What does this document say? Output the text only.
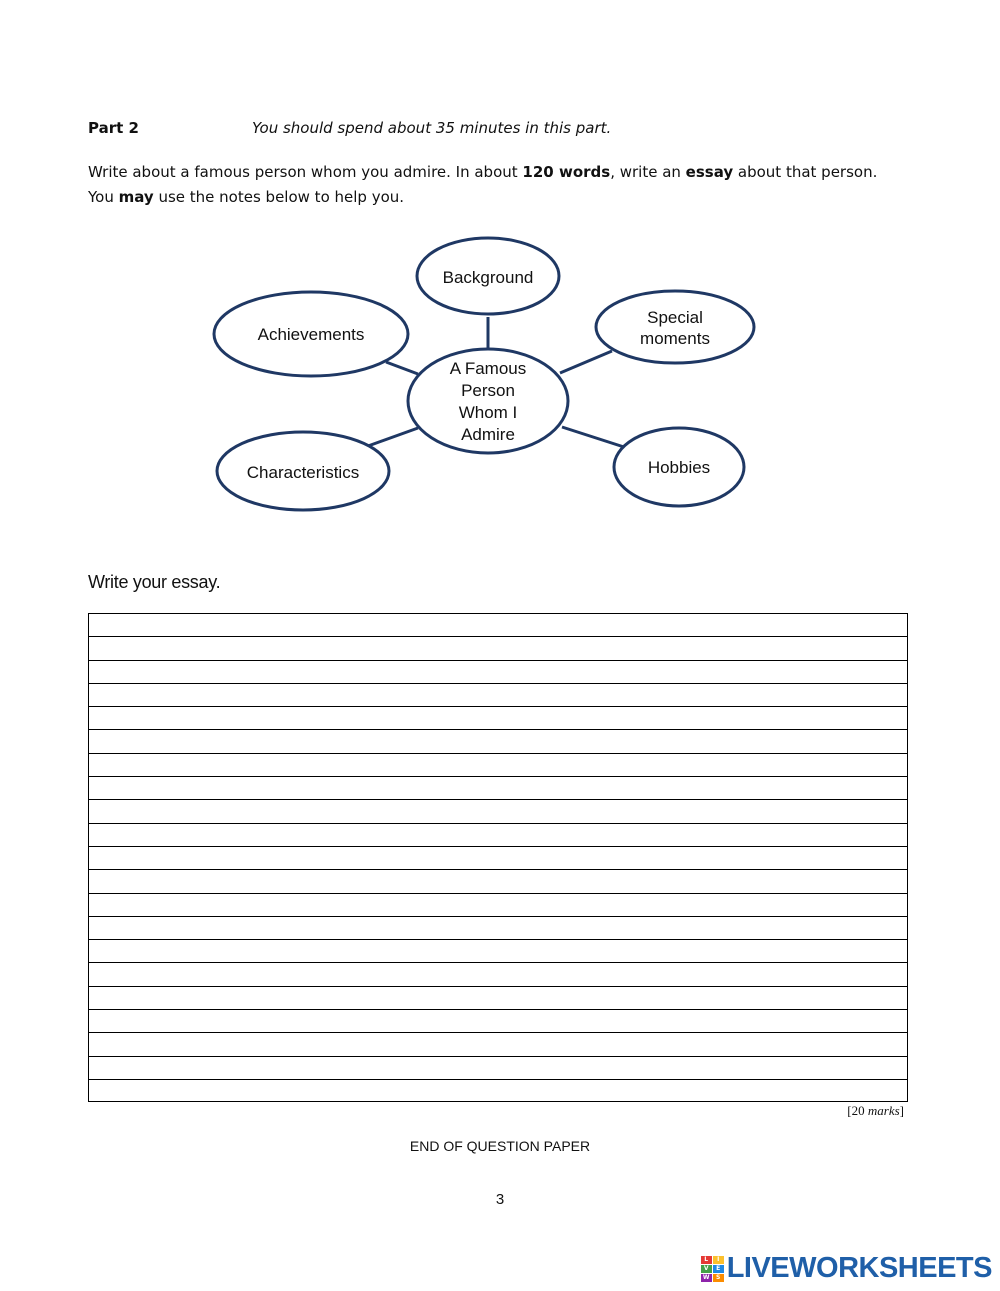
Part 2	You should spend about 35 minutes in this part.
Write about a famous person whom you admire. In about 120 words, write an essay about that person.
You may use the notes below to help you.
Background
Special
moments
Achievements
A Famous
Person
Whom I
Admire
Characteristics	Hobbies
Write your essay.
[20 marks]
END OF QUESTION PAPER
3
L	I
V	E
W	S LIVEWORKSHEETS
